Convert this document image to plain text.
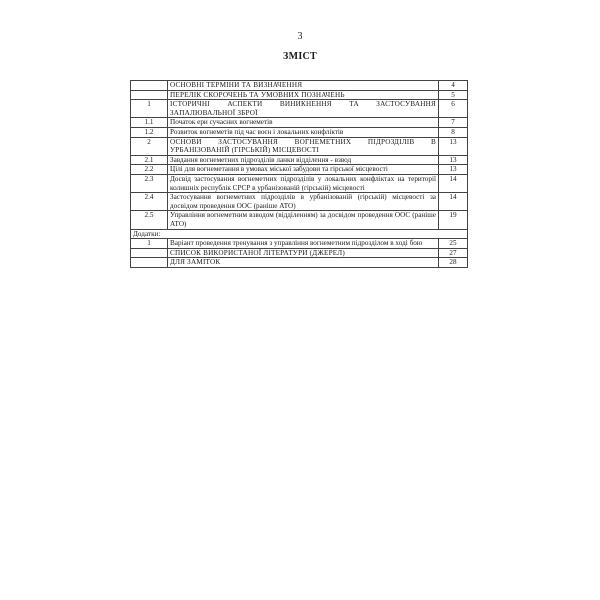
3
ЗМІСТ
	ОСНОВНІ ТЕРМІНИ ТА ВИЗНАЧЕННЯ	4
	ПЕРЕЛІК СКОРОЧЕНЬ ТА УМОВНИХ ПОЗНАЧЕНЬ	5
1	ІСТОРИЧНІ АСПЕКТИ ВИНИКНЕННЯ ТА ЗАСТОСУВАННЯ ЗАПАЛЮВАЛЬНОЇ ЗБРОЇ	6
1.1	Початок ери сучасних вогнеметів	7
1.2	Розвиток вогнеметів під час воєн і локальних конфліктів	8
2	ОСНОВИ ЗАСТОСУВАННЯ ВОГНЕМЕТНИХ ПІДРОЗДІЛІВ В УРБАНІЗОВАНІЙ (ГІРСЬКІЙ) МІСЦЕВОСТІ	13
2.1	Завдання вогнеметних підрозділів ланки відділення - взвод	13
2.2	Цілі для вогнеметання в умовах міської забудови та гірської місцевості	13
2.3	Досвід застосування вогнеметних підрозділів у локальних конфліктах на території колишніх республік СРСР в урбанізованій (гірській) місцевості	14
2.4	Застосування вогнеметних підрозділів в урбанізованій (гірській) місцевості за досвідом проведення ООС (раніше АТО)	14
2.5	Управління вогнеметним взводом (відділенням) за досвідом проведення ООС (раніше АТО)	19
Додатки:		
1	Варіант проведення тренування з управління вогнеметним підрозділом в ході бою	25
	СПИСОК ВИКОРИСТАНОЇ ЛІТЕРАТУРИ (ДЖЕРЕЛ)	27
	ДЛЯ ЗАМІТОК	28
